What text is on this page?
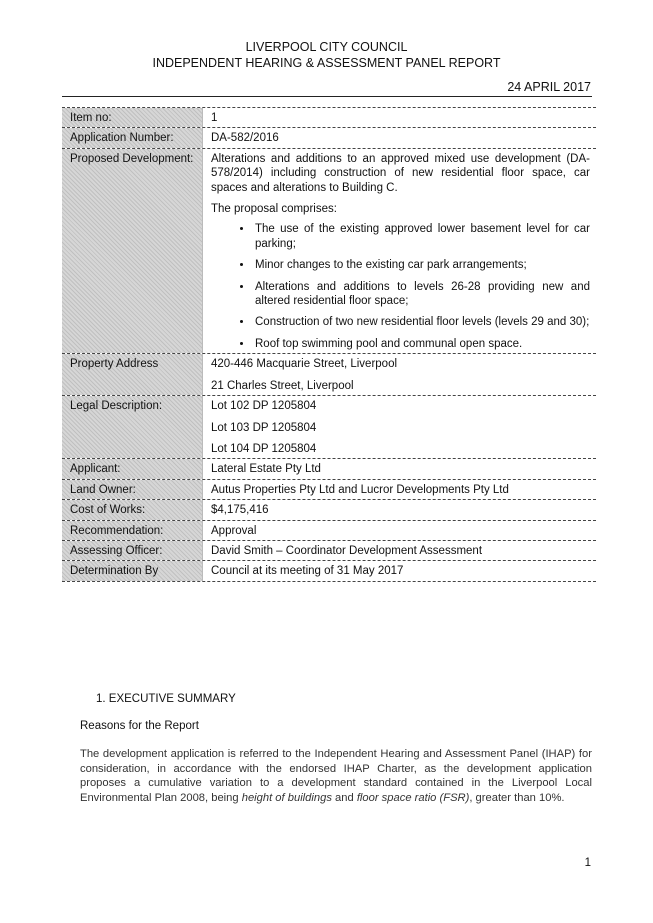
LIVERPOOL CITY COUNCIL
INDEPENDENT HEARING & ASSESSMENT PANEL REPORT
24 APRIL 2017
Item no:	1
Application Number:	DA-582/2016
Proposed Development:	Alterations and additions to an approved mixed use development (DA-578/2014) including construction of new residential floor space, car spaces and alterations to Building C.

The proposal comprises:

• The use of the existing approved lower basement level for car parking;
• Minor changes to the existing car park arrangements;
• Alterations and additions to levels 26-28 providing new and altered residential floor space;
• Construction of two new residential floor levels (levels 29 and 30);
• Roof top swimming pool and communal open space.
Property Address	420-446 Macquarie Street, Liverpool

21 Charles Street, Liverpool

Legal Description:	Lot 102 DP 1205804

Lot 103 DP 1205804

Lot 104 DP 1205804

Applicant:	Lateral Estate Pty Ltd
Land Owner:	Autus Properties Pty Ltd and Lucror Developments Pty Ltd
Cost of Works:	$4,175,416
Recommendation:	Approval
Assessing Officer:	David Smith – Coordinator Development Assessment
Determination By	Council at its meeting of 31 May 2017
1. EXECUTIVE SUMMARY
Reasons for the Report
The development application is referred to the Independent Hearing and Assessment Panel (IHAP) for consideration, in accordance with the endorsed IHAP Charter, as the development application proposes a cumulative variation to a development standard contained in the Liverpool Local Environmental Plan 2008, being height of buildings and floor space ratio (FSR), greater than 10%.
1
